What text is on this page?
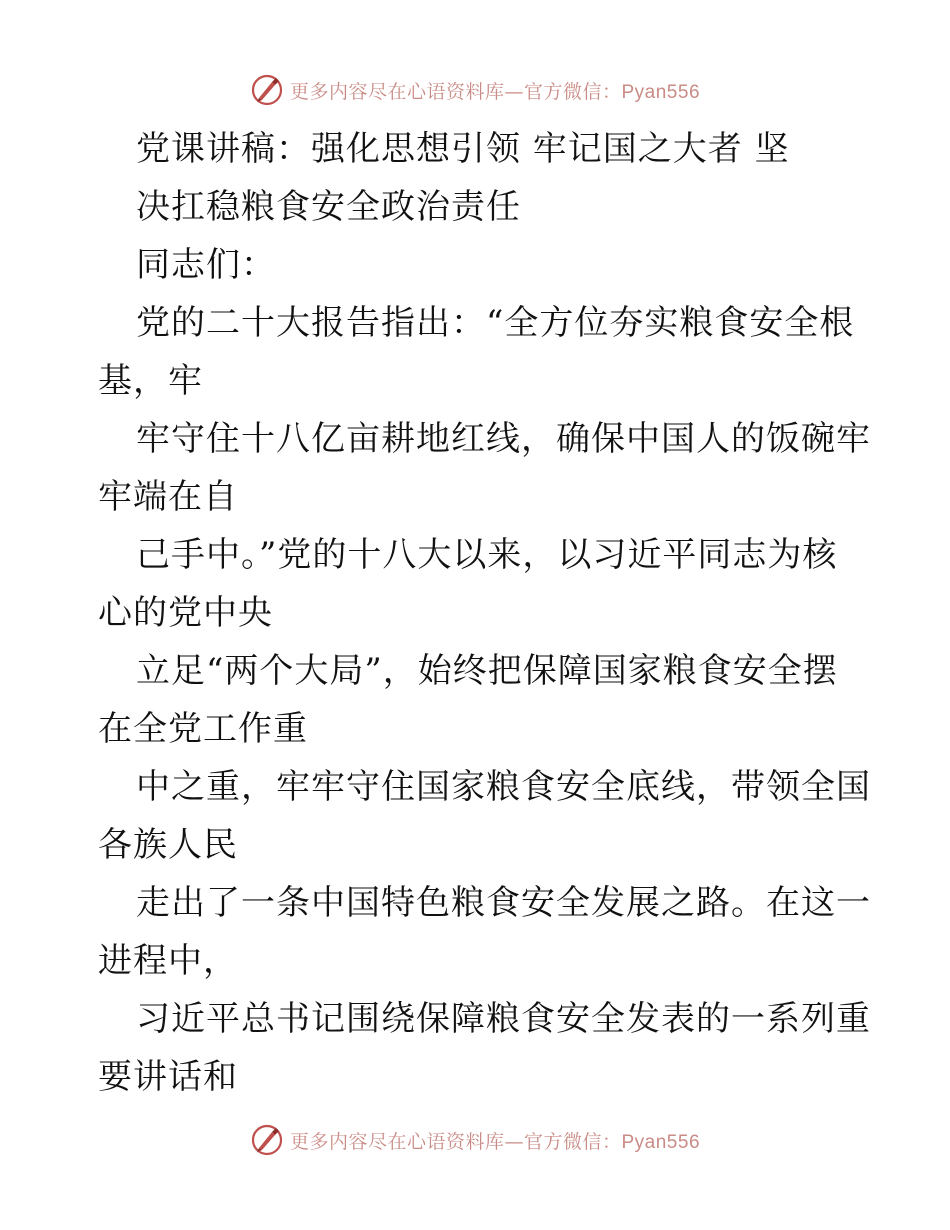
更多内容尽在心语资料库—官方微信：Pyan556
党课讲稿：强化思想引领 牢记国之大者 坚
决扛稳粮食安全政治责任
同志们：
党的二十大报告指出：“全方位夯实粮食安全根
基，牢
牢守住十八亿亩耕地红线，确保中国人的饭碗牢
牢端在自
己手中。”党的十八大以来，以习近平同志为核
心的党中央
立足“两个大局”，始终把保障国家粮食安全摆
在全党工作重
中之重，牢牢守住国家粮食安全底线，带领全国
各族人民
走出了一条中国特色粮食安全发展之路。在这一
进程中，
习近平总书记围绕保障粮食安全发表的一系列重
要讲话和
更多内容尽在心语资料库—官方微信：Pyan556
